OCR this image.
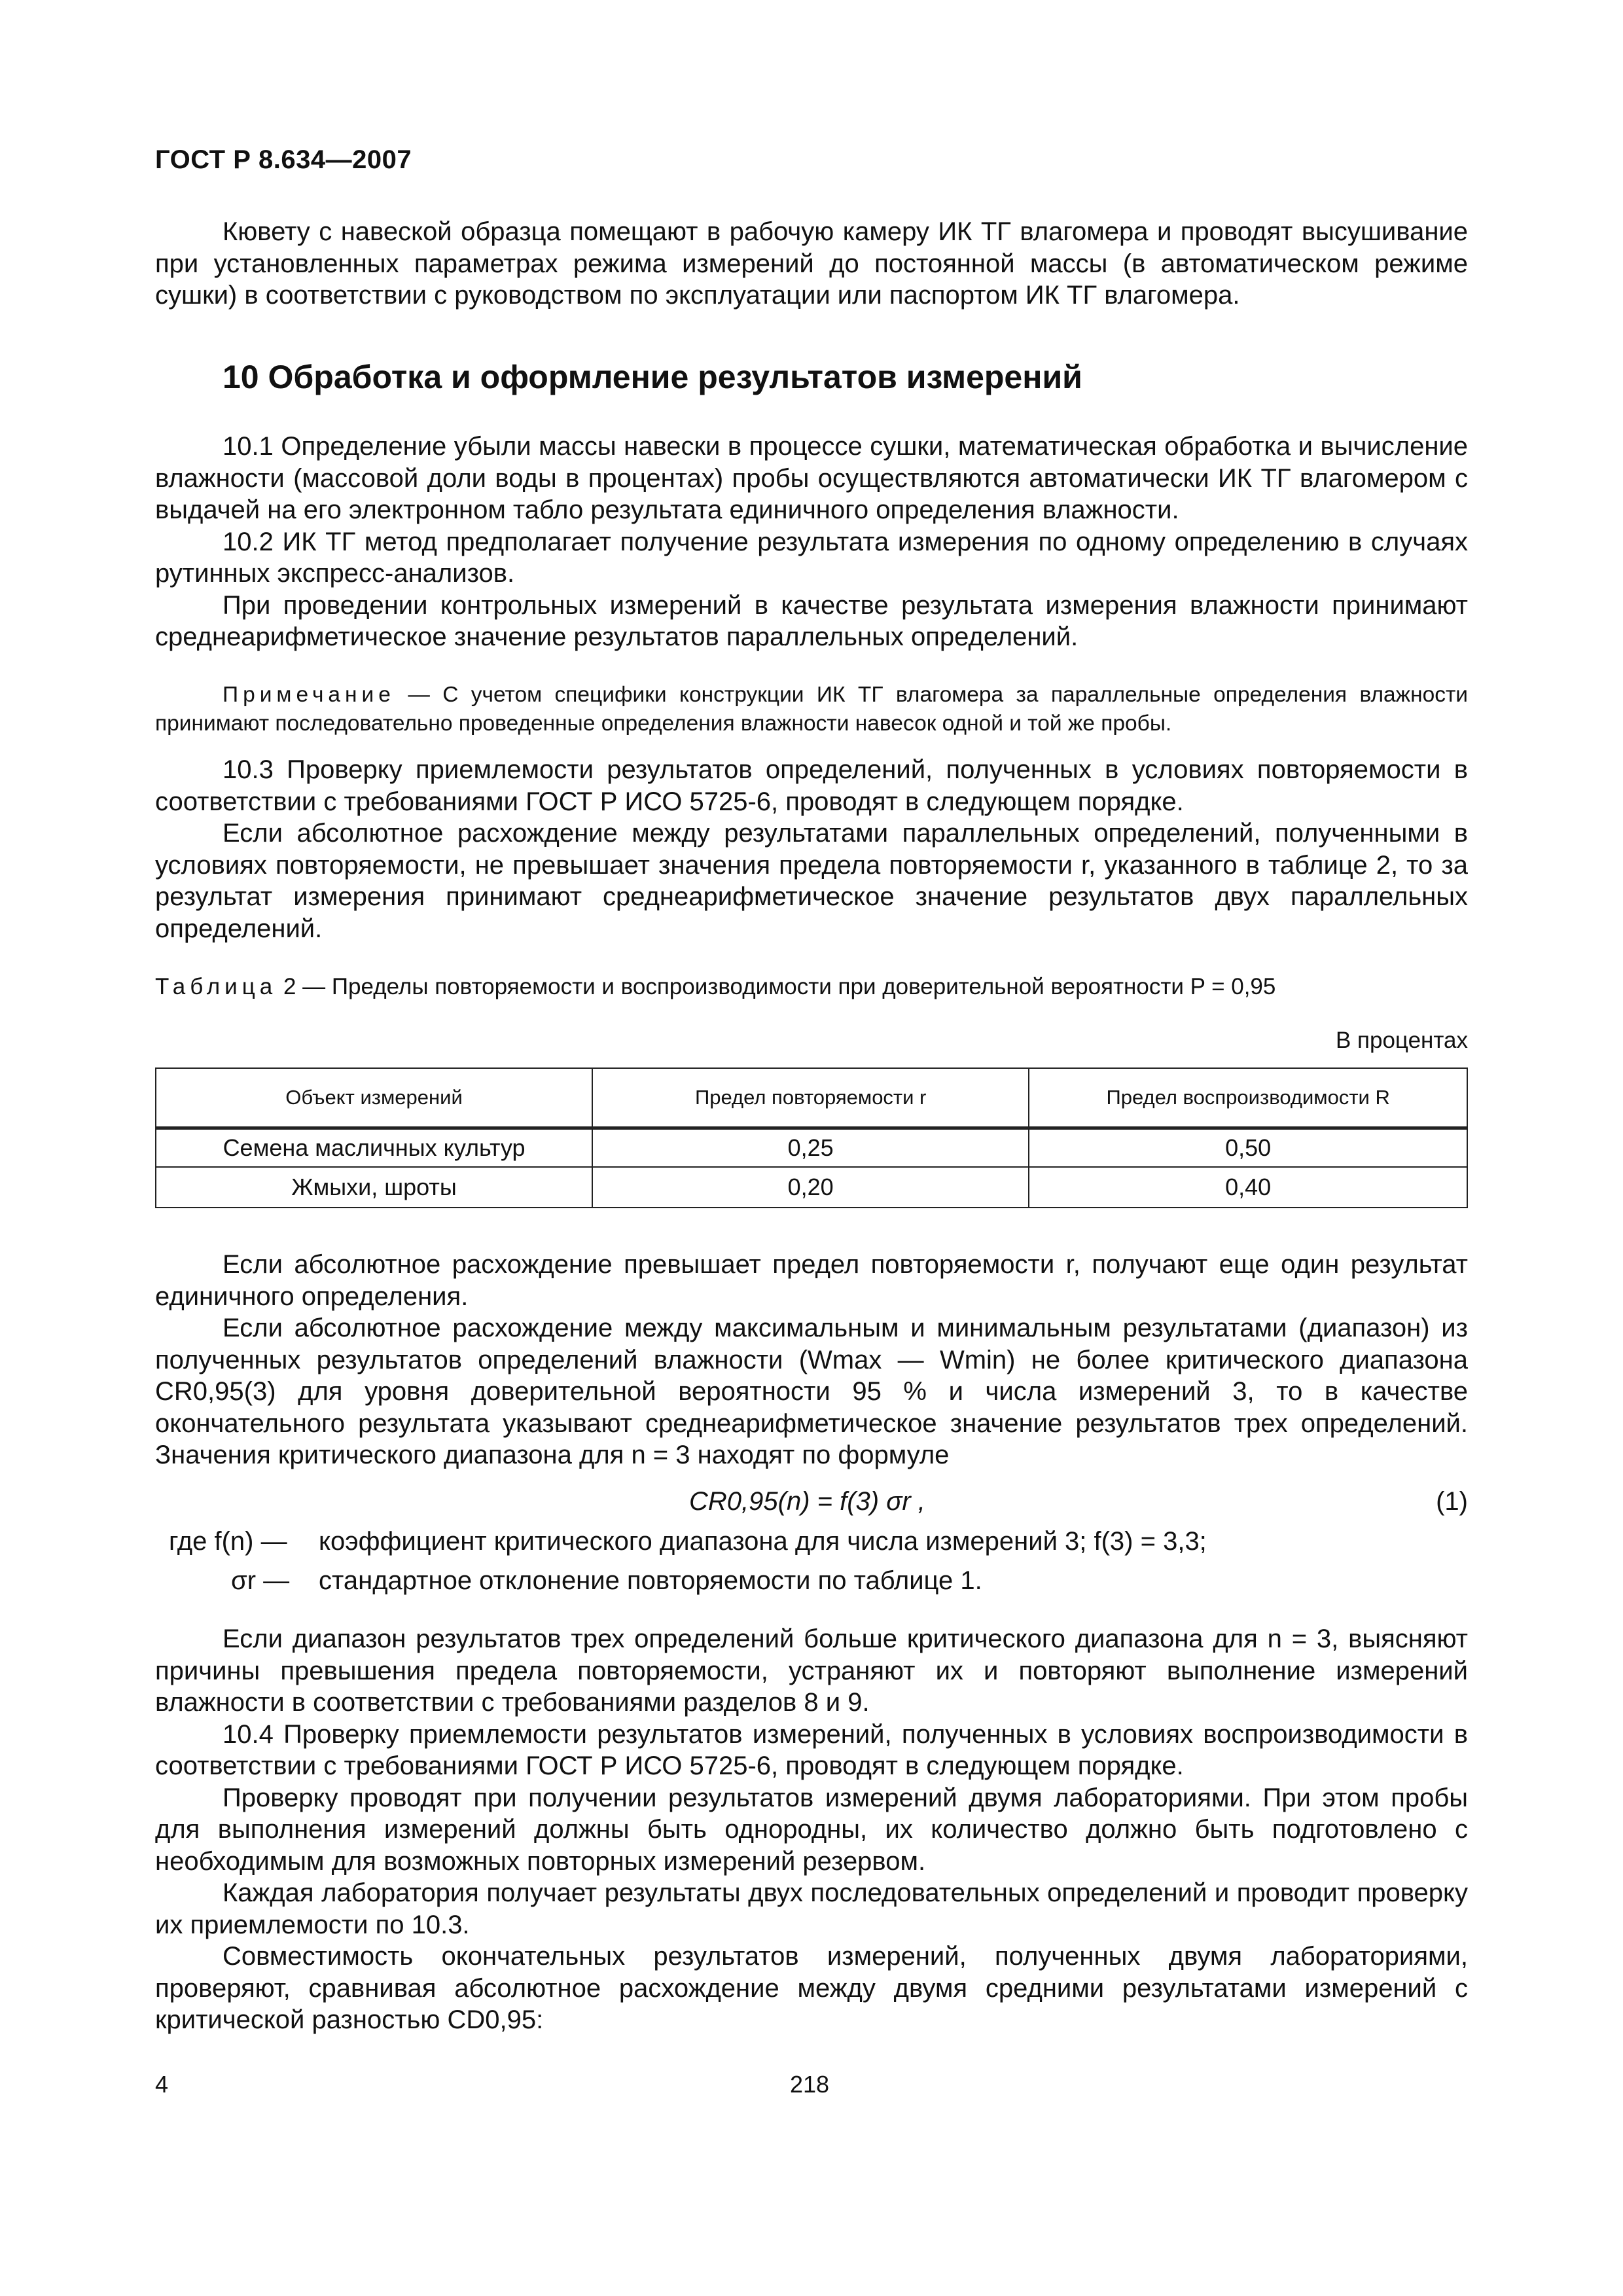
ГОСТ Р 8.634—2007

Кювету с навеской образца помещают в рабочую камеру ИК ТГ влагомера и проводят высушивание при установленных параметрах режима измерений до постоянной массы (в автоматическом режиме сушки) в соответствии с руководством по эксплуатации или паспортом ИК ТГ влагомера.

10 Обработка и оформление результатов измерений

10.1 Определение убыли массы навески в процессе сушки, математическая обработка и вычисление влажности (массовой доли воды в процентах) пробы осуществляются автоматически ИК ТГ влагомером с выдачей на его электронном табло результата единичного определения влажности.

10.2 ИК ТГ метод предполагает получение результата измерения по одному определению в случаях рутинных экспресс-анализов.

При проведении контрольных измерений в качестве результата измерения влажности принимают среднеарифметическое значение результатов параллельных определений.

Примечание — С учетом специфики конструкции ИК ТГ влагомера за параллельные определения влажности принимают последовательно проведенные определения влажности навесок одной и той же пробы.

10.3 Проверку приемлемости результатов определений, полученных в условиях повторяемости в соответствии с требованиями ГОСТ Р ИСО 5725-6, проводят в следующем порядке.

Если абсолютное расхождение между результатами параллельных определений, полученными в условиях повторяемости, не превышает значения предела повторяемости r, указанного в таблице 2, то за результат измерения принимают среднеарифметическое значение результатов двух параллельных определений.

Таблица 2 — Пределы повторяемости и воспроизводимости при доверительной вероятности P = 0,95
В процентах
Объект измерений	Предел повторяемости r	Предел воспроизводимости R
Семена масличных культур	0,25	0,50
Жмыхи, шроты	0,20	0,40

Если абсолютное расхождение превышает предел повторяемости r, получают еще один результат единичного определения.

Если абсолютное расхождение между максимальным и минимальным результатами (диапазон) из полученных результатов определений влажности (Wmax — Wmin) не более критического диапазона CR0,95(3) для уровня доверительной вероятности 95 % и числа измерений 3, то в качестве окончательного результата указывают среднеарифметическое значение результатов трех определений. Значения критического диапазона для n = 3 находят по формуле

CR0,95(n) = f(3) σr ,	(1)
где f(n) — коэффициент критического диапазона для числа измерений 3; f(3) = 3,3;
σr — стандартное отклонение повторяемости по таблице 1.

Если диапазон результатов трех определений больше критического диапазона для n = 3, выясняют причины превышения предела повторяемости, устраняют их и повторяют выполнение измерений влажности в соответствии с требованиями разделов 8 и 9.

10.4 Проверку приемлемости результатов измерений, полученных в условиях воспроизводимости в соответствии с требованиями ГОСТ Р ИСО 5725-6, проводят в следующем порядке.

Проверку проводят при получении результатов измерений двумя лабораториями. При этом пробы для выполнения измерений должны быть однородны, их количество должно быть подготовлено с необходимым для возможных повторных измерений резервом.

Каждая лаборатория получает результаты двух последовательных определений и проводит проверку их приемлемости по 10.3.

Совместимость окончательных результатов измерений, полученных двумя лабораториями, проверяют, сравнивая абсолютное расхождение между двумя средними результатами измерений с критической разностью CD0,95:

4	218
